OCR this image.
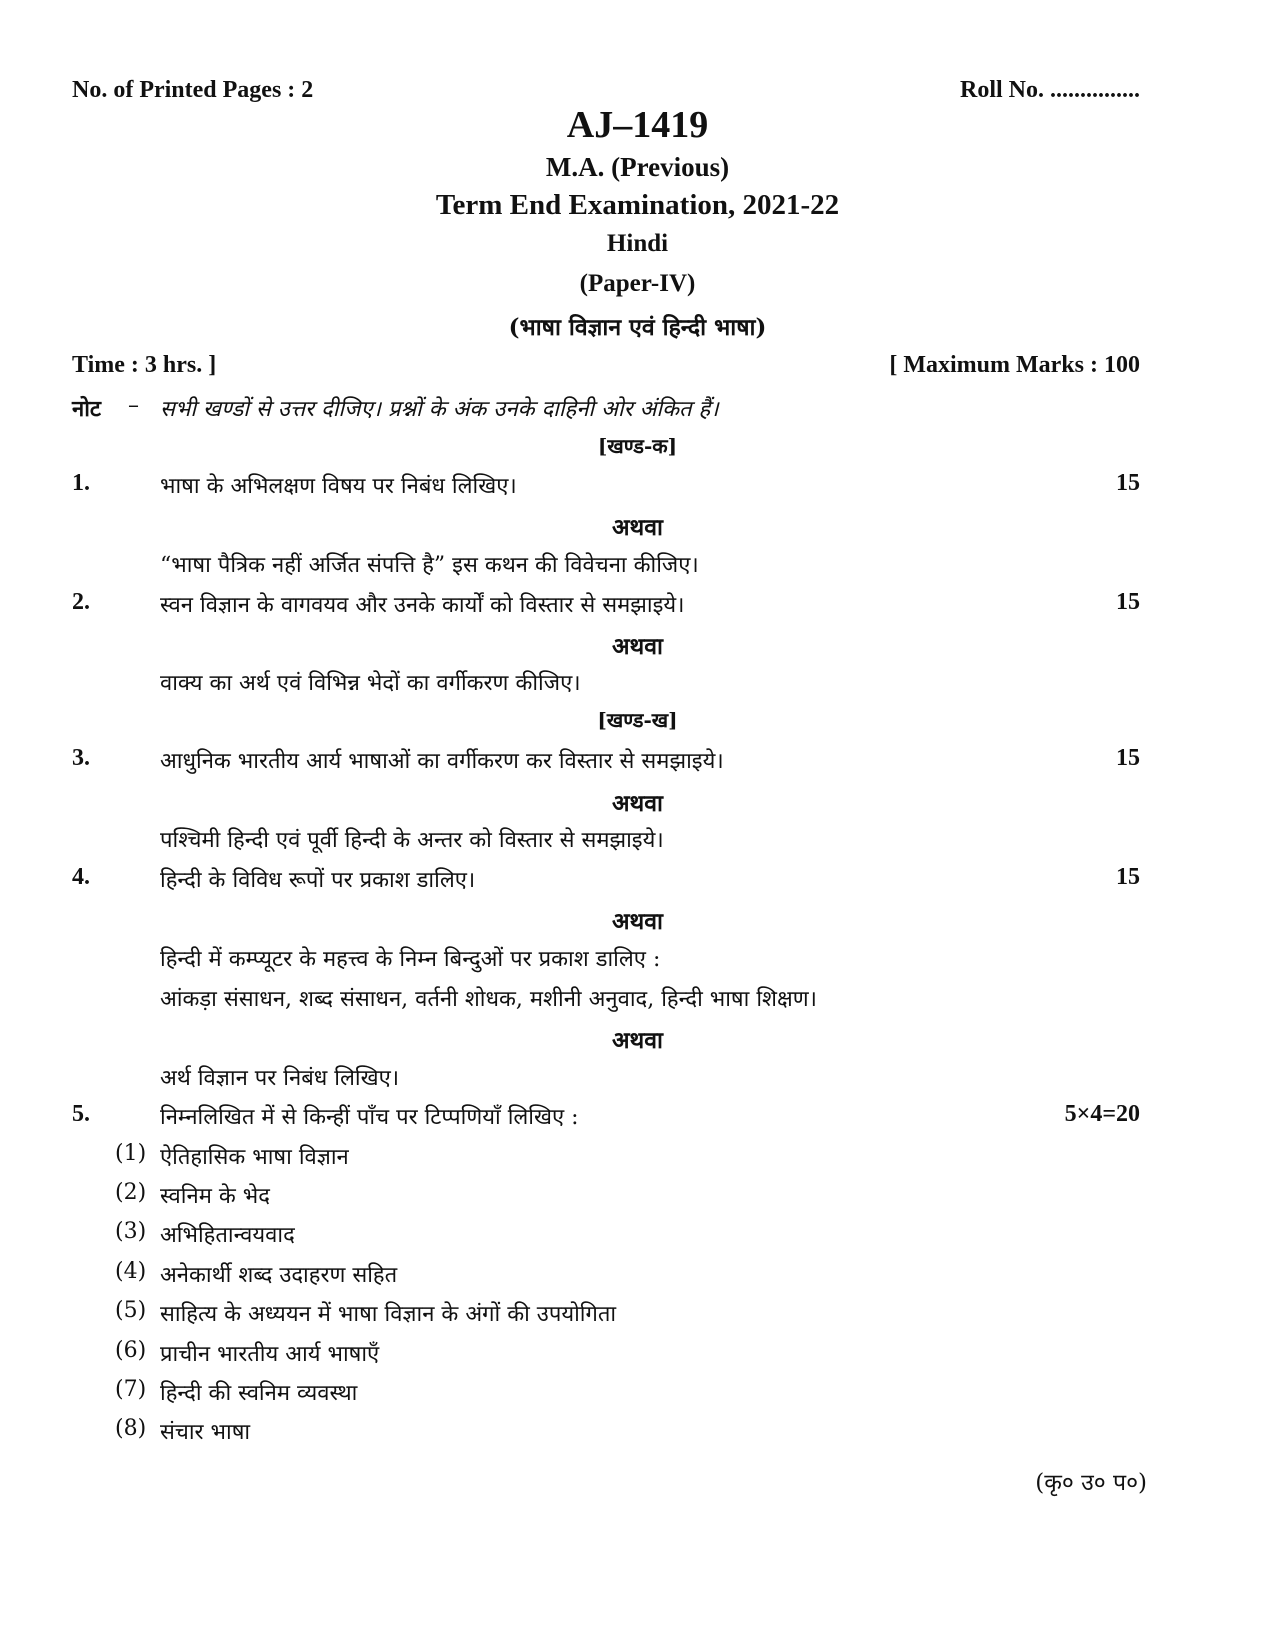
No. of Printed Pages : 2	Roll No. ...............
AJ–1419
M.A. (Previous)
Term End Examination, 2021-22
Hindi
(Paper-IV)
(भाषा विज्ञान एवं हिन्दी भाषा)
Time : 3 hrs. ]	[ Maximum Marks : 100
नोट – सभी खण्डों से उत्तर दीजिए। प्रश्नों के अंक उनके दाहिनी ओर अंकित हैं।
[खण्ड-क]
1.	भाषा के अभिलक्षण विषय पर निबंध लिखिए।	15
अथवा
“भाषा पैत्रिक नहीं अर्जित संपत्ति है” इस कथन की विवेचना कीजिए।
2.	स्वन विज्ञान के वागवयव और उनके कार्यों को विस्तार से समझाइये।	15
अथवा
वाक्य का अर्थ एवं विभिन्न भेदों का वर्गीकरण कीजिए।
[खण्ड-ख]
3.	आधुनिक भारतीय आर्य भाषाओं का वर्गीकरण कर विस्तार से समझाइये।	15
अथवा
पश्चिमी हिन्दी एवं पूर्वी हिन्दी के अन्तर को विस्तार से समझाइये।
4.	हिन्दी के विविध रूपों पर प्रकाश डालिए।	15
अथवा
हिन्दी में कम्प्यूटर के महत्त्व के निम्न बिन्दुओं पर प्रकाश डालिए :
आंकड़ा संसाधन, शब्द संसाधन, वर्तनी शोधक, मशीनी अनुवाद, हिन्दी भाषा शिक्षण।
अथवा
अर्थ विज्ञान पर निबंध लिखिए।
5.	निम्नलिखित में से किन्हीं पाँच पर टिप्पणियाँ लिखिए :	5×4=20
(1) ऐतिहासिक भाषा विज्ञान
(2) स्वनिम के भेद
(3) अभिहितान्वयवाद
(4) अनेकार्थी शब्द उदाहरण सहित
(5) साहित्य के अध्ययन में भाषा विज्ञान के अंगों की उपयोगिता
(6) प्राचीन भारतीय आर्य भाषाएँ
(7) हिन्दी की स्वनिम व्यवस्था
(8) संचार भाषा
(कृ० उ० प०)
